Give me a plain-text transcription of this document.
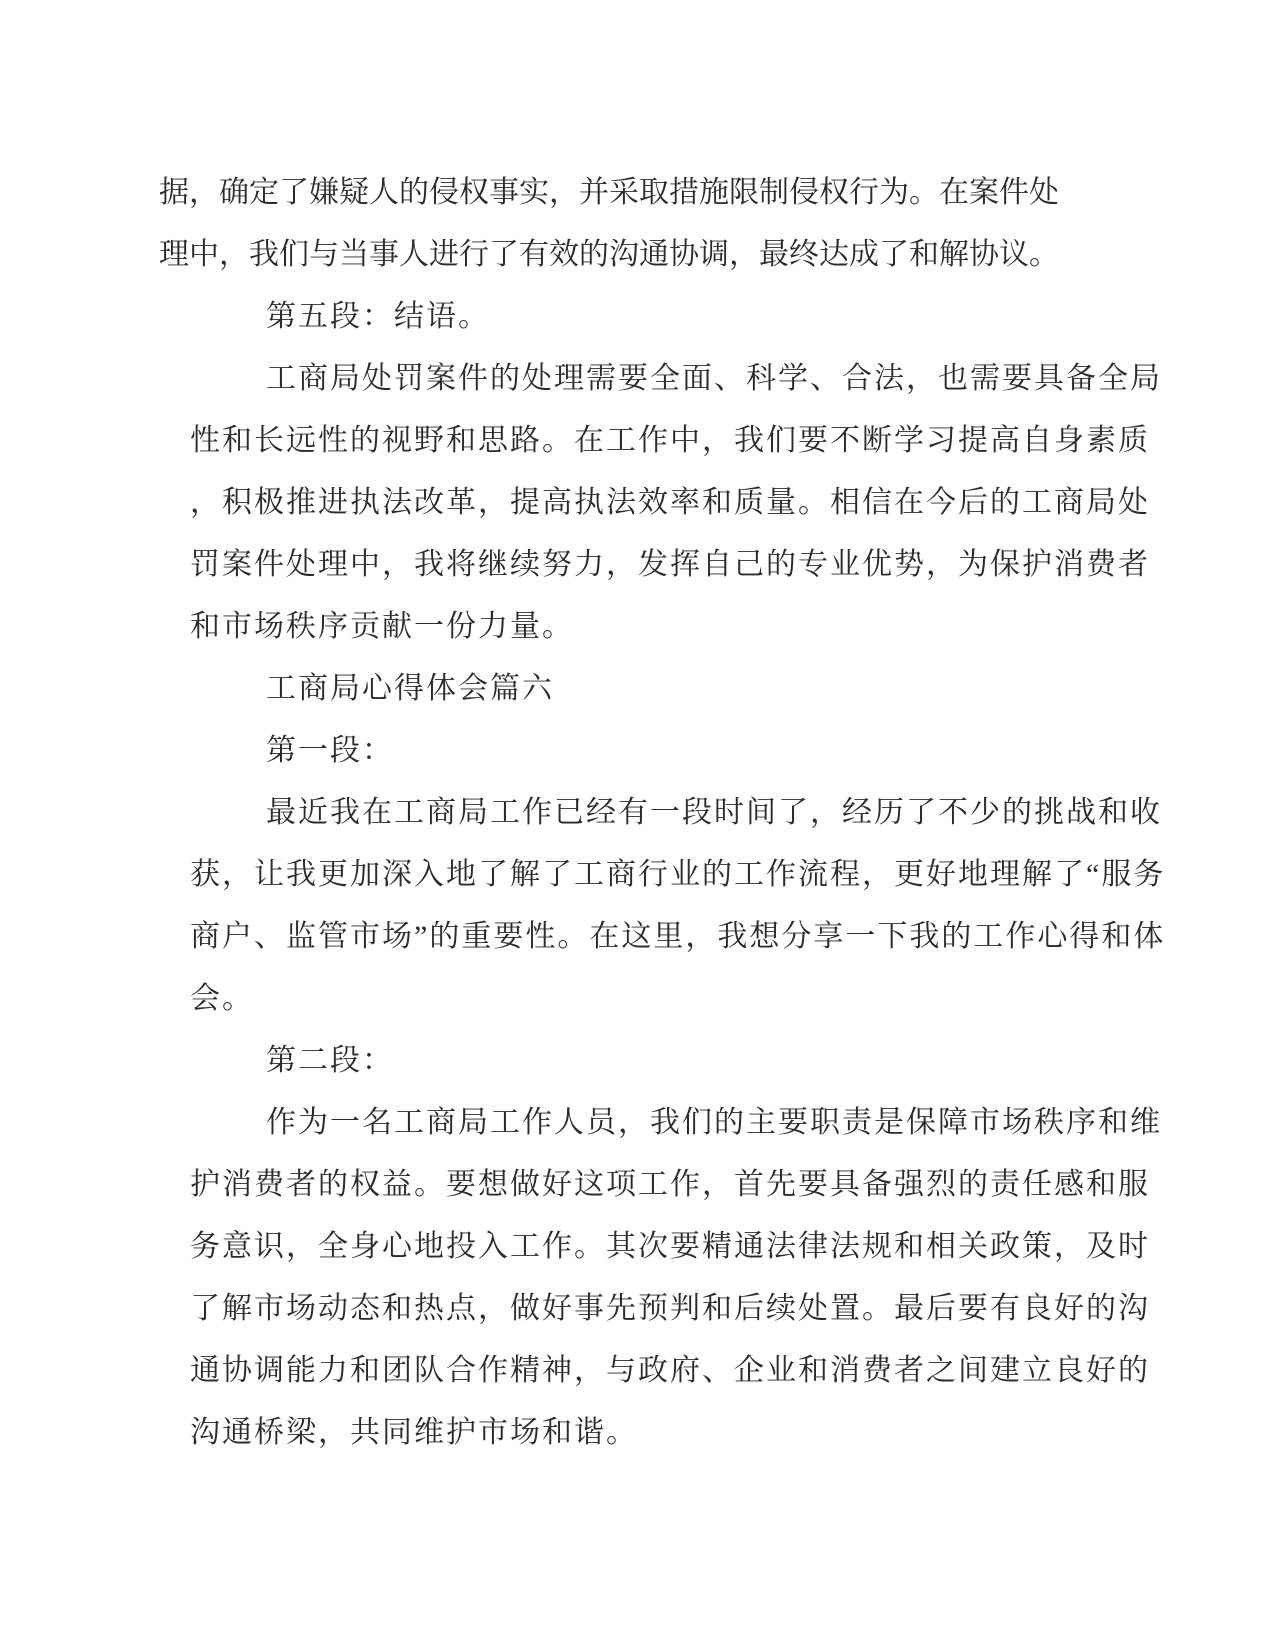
据，确定了嫌疑人的侵权事实，并采取措施限制侵权行为。在案件处
理中，我们与当事人进行了有效的沟通协调，最终达成了和解协议。
第五段：结语。
工商局处罚案件的处理需要全面、科学、合法，也需要具备全局
性和长远性的视野和思路。在工作中，我们要不断学习提高自身素质
，积极推进执法改革，提高执法效率和质量。相信在今后的工商局处
罚案件处理中，我将继续努力，发挥自己的专业优势，为保护消费者
和市场秩序贡献一份力量。
工商局心得体会篇六
第一段：
最近我在工商局工作已经有一段时间了，经历了不少的挑战和收
获，让我更加深入地了解了工商行业的工作流程，更好地理解了“服务
商户、监管市场”的重要性。在这里，我想分享一下我的工作心得和体
会。
第二段：
作为一名工商局工作人员，我们的主要职责是保障市场秩序和维
护消费者的权益。要想做好这项工作，首先要具备强烈的责任感和服
务意识，全身心地投入工作。其次要精通法律法规和相关政策，及时
了解市场动态和热点，做好事先预判和后续处置。最后要有良好的沟
通协调能力和团队合作精神，与政府、企业和消费者之间建立良好的
沟通桥梁，共同维护市场和谐。
